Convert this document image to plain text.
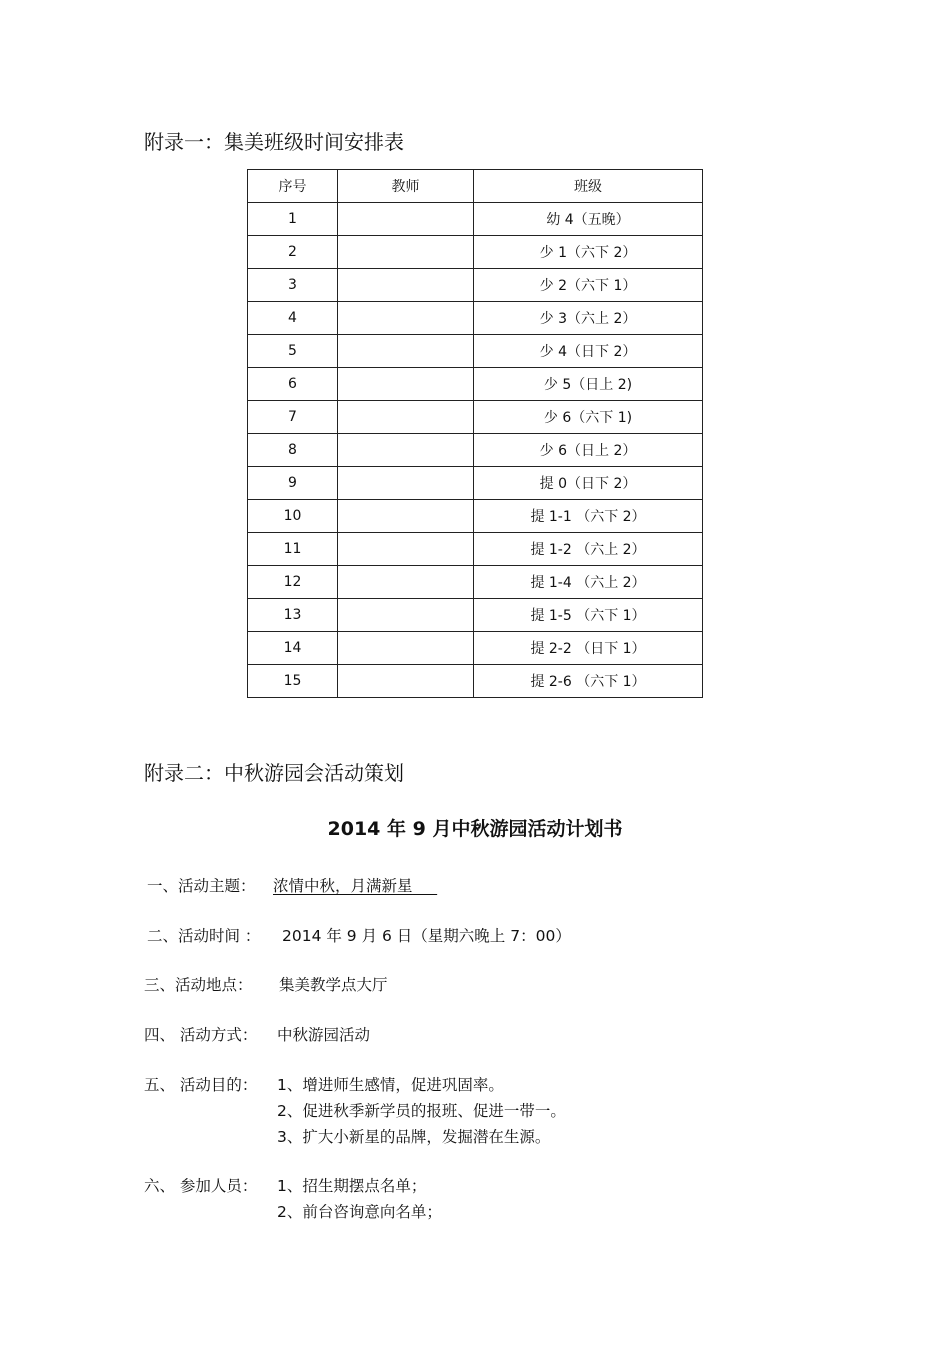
附录一：集美班级时间安排表
序号	教师	班级
1		幼 4（五晚）
2		少 1（六下 2）
3		少 2（六下 1）
4		少 3（六上 2）
5		少 4（日下 2）
6		少 5（日上 2)
7		少 6（六下 1)
8		少 6（日上 2）
9		提 0（日下 2）
10		提 1-1 （六下 2）
11		提 1-2 （六上 2）
12		提 1-4 （六上 2）
13		提 1-5 （六下 1）
14		提 2-2 （日下 1）
15		提 2-6 （六下 1）
附录二：中秋游园会活动策划
2014 年 9 月中秋游园活动计划书
一、活动主题： 浓情中秋，月满新星
二、活动时间 ： 2014 年 9 月 6 日（星期六晚上 7：00）
三、活动地点： 集美教学点大厅
四、 活动方式： 中秋游园活动
五、 活动目的： 1、增进师生感情，促进巩固率。
2、促进秋季新学员的报班、促进一带一。
3、扩大小新星的品牌，发掘潜在生源。
六、 参加人员： 1、招生期摆点名单；
2、前台咨询意向名单；
